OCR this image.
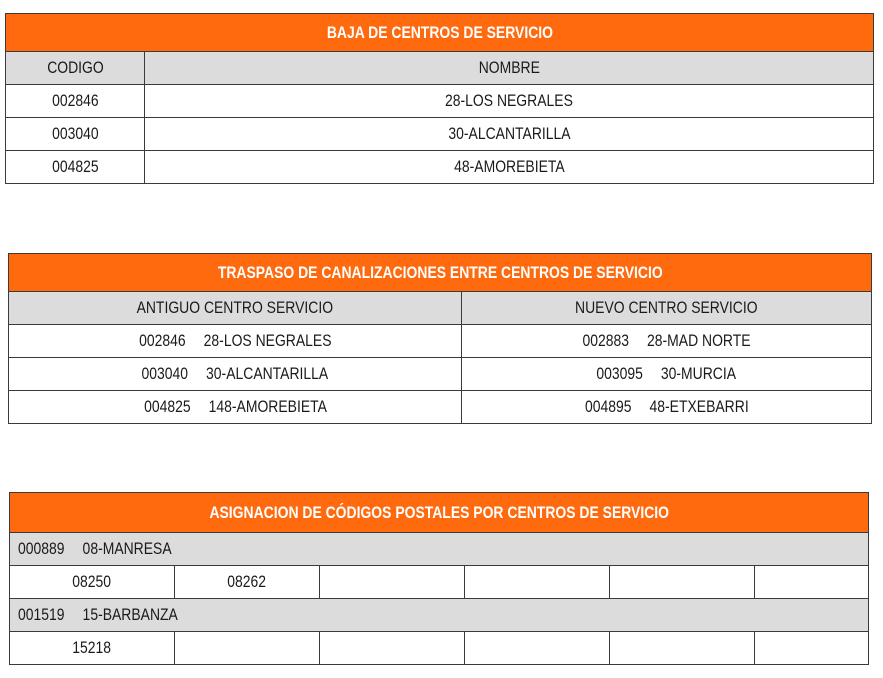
BAJA DE CENTROS DE SERVICIO	
CODIGO	NOMBRE
002846	28-LOS NEGRALES
003040	30-ALCANTARILLA
004825	48-AMOREBIETA
TRASPASO DE CANALIZACIONES ENTRE CENTROS DE SERVICIO	
ANTIGUO CENTRO SERVICIO	NUEVO CENTRO SERVICIO
002846 28-LOS NEGRALES	002883 28-MAD NORTE
003040 30-ALCANTARILLA	003095 30-MURCIA
004825 148-AMOREBIETA	004895 48-ETXEBARRI
ASIGNACION DE CÓDIGOS POSTALES POR CENTROS DE SERVICIO					
000889 08-MANRESA					
08250	08262				
001519 15-BARBANZA					
15218					
